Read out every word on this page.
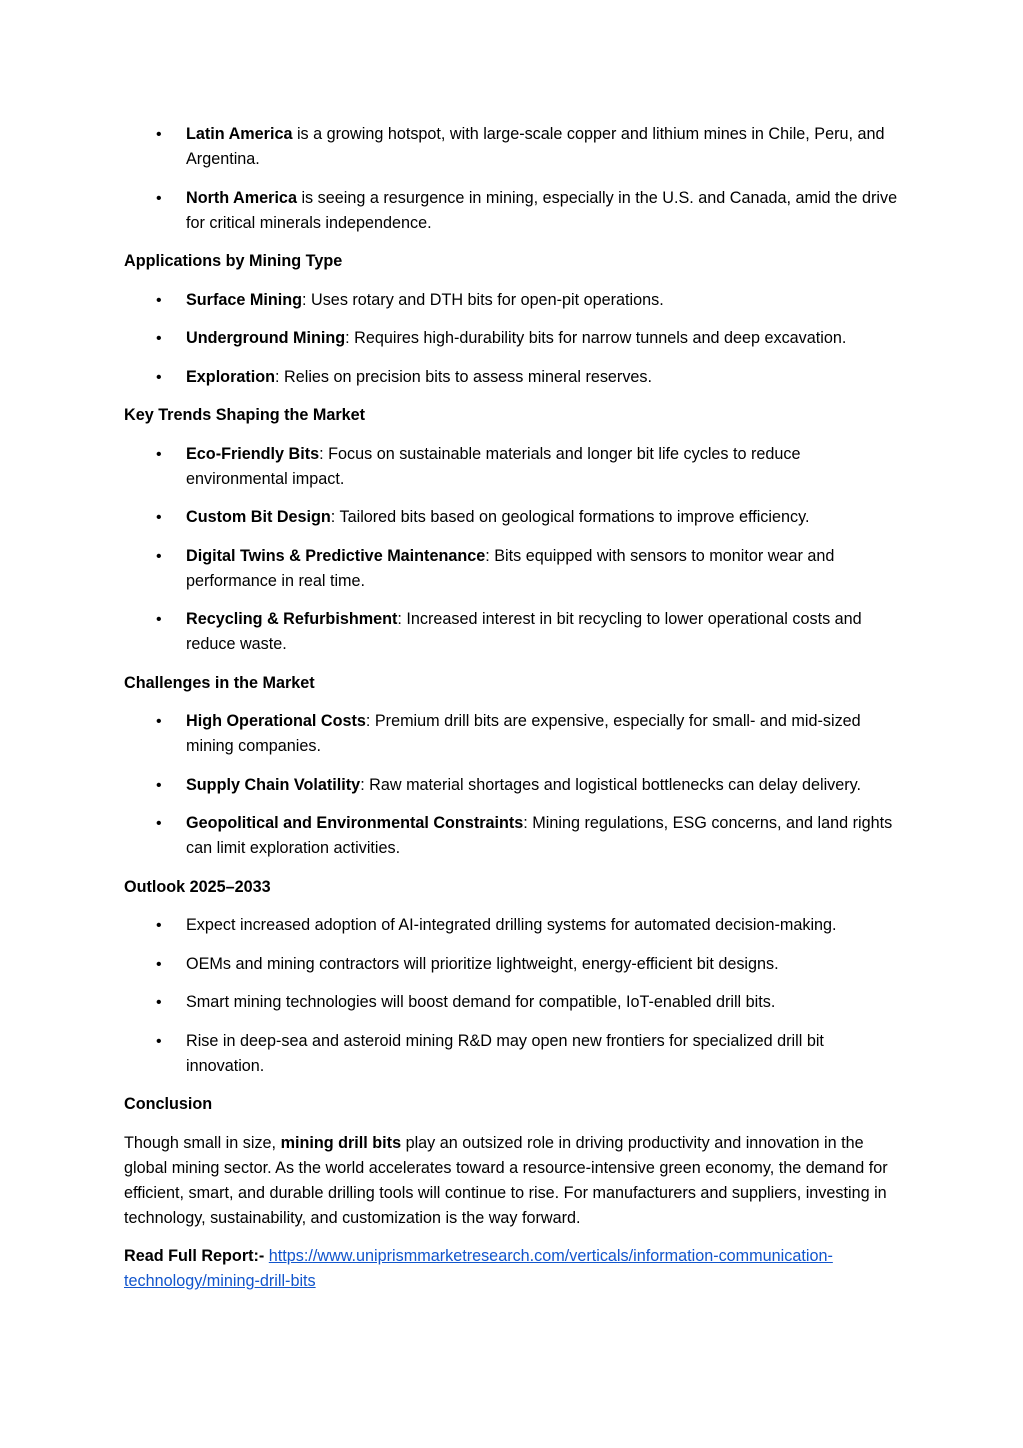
• Latin America is a growing hotspot, with large-scale copper and lithium mines in Chile, Peru, and Argentina.
• North America is seeing a resurgence in mining, especially in the U.S. and Canada, amid the drive for critical minerals independence.
Applications by Mining Type
• Surface Mining: Uses rotary and DTH bits for open-pit operations.
• Underground Mining: Requires high-durability bits for narrow tunnels and deep excavation.
• Exploration: Relies on precision bits to assess mineral reserves.
Key Trends Shaping the Market
• Eco-Friendly Bits: Focus on sustainable materials and longer bit life cycles to reduce environmental impact.
• Custom Bit Design: Tailored bits based on geological formations to improve efficiency.
• Digital Twins & Predictive Maintenance: Bits equipped with sensors to monitor wear and performance in real time.
• Recycling & Refurbishment: Increased interest in bit recycling to lower operational costs and reduce waste.
Challenges in the Market
• High Operational Costs: Premium drill bits are expensive, especially for small- and mid-sized mining companies.
• Supply Chain Volatility: Raw material shortages and logistical bottlenecks can delay delivery.
• Geopolitical and Environmental Constraints: Mining regulations, ESG concerns, and land rights can limit exploration activities.
Outlook 2025–2033
• Expect increased adoption of AI-integrated drilling systems for automated decision-making.
• OEMs and mining contractors will prioritize lightweight, energy-efficient bit designs.
• Smart mining technologies will boost demand for compatible, IoT-enabled drill bits.
• Rise in deep-sea and asteroid mining R&D may open new frontiers for specialized drill bit innovation.
Conclusion

Though small in size, mining drill bits play an outsized role in driving productivity and innovation in the global mining sector. As the world accelerates toward a resource-intensive green economy, the demand for efficient, smart, and durable drilling tools will continue to rise. For manufacturers and suppliers, investing in technology, sustainability, and customization is the way forward.

Read Full Report:- https://www.uniprismmarketresearch.com/verticals/information-communication-technology/mining-drill-bits
